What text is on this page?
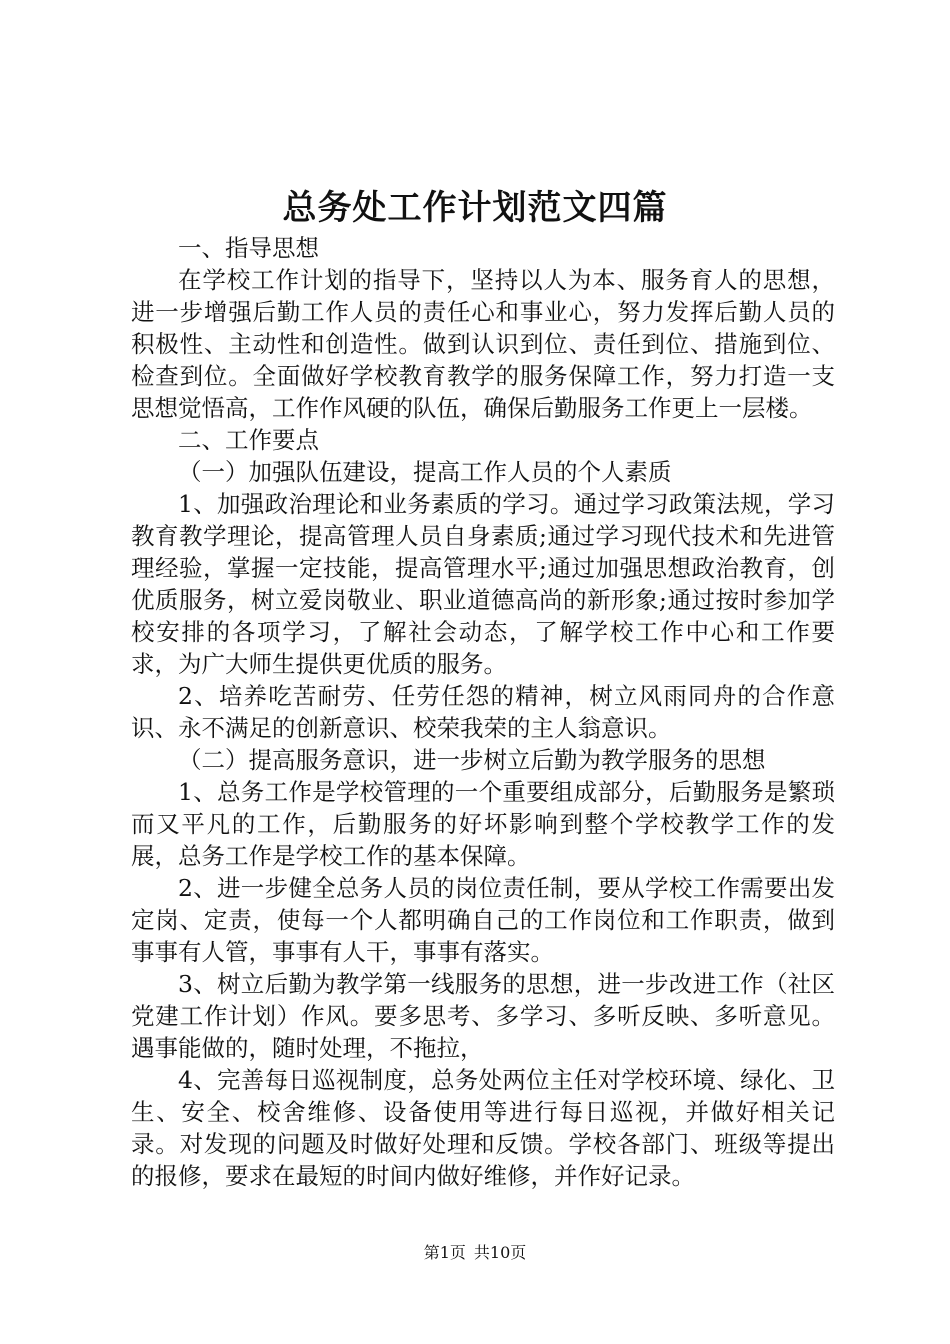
总务处工作计划范文四篇

一、指导思想

在学校工作计划的指导下，坚持以人为本、服务育人的思想，进一步增强后勤工作人员的责任心和事业心，努力发挥后勤人员的积极性、主动性和创造性。做到认识到位、责任到位、措施到位、检查到位。全面做好学校教育教学的服务保障工作，努力打造一支思想觉悟高，工作作风硬的队伍，确保后勤服务工作更上一层楼。

二、工作要点

（一）加强队伍建设，提高工作人员的个人素质

1、加强政治理论和业务素质的学习。通过学习政策法规，学习教育教学理论，提高管理人员自身素质;通过学习现代技术和先进管理经验，掌握一定技能，提高管理水平;通过加强思想政治教育，创优质服务，树立爱岗敬业、职业道德高尚的新形象;通过按时参加学校安排的各项学习，了解社会动态，了解学校工作中心和工作要求，为广大师生提供更优质的服务。

2、培养吃苦耐劳、任劳任怨的精神，树立风雨同舟的合作意识、永不满足的创新意识、校荣我荣的主人翁意识。

（二）提高服务意识，进一步树立后勤为教学服务的思想

1、总务工作是学校管理的一个重要组成部分，后勤服务是繁琐而又平凡的工作，后勤服务的好坏影响到整个学校教学工作的发展，总务工作是学校工作的基本保障。

2、进一步健全总务人员的岗位责任制，要从学校工作需要出发定岗、定责，使每一个人都明确自己的工作岗位和工作职责，做到事事有人管，事事有人干，事事有落实。

3、树立后勤为教学第一线服务的思想，进一步改进工作（社区党建工作计划）作风。要多思考、多学习、多听反映、多听意见。遇事能做的，随时处理，不拖拉，

4、完善每日巡视制度，总务处两位主任对学校环境、绿化、卫生、安全、校舍维修、设备使用等进行每日巡视，并做好相关记录。对发现的问题及时做好处理和反馈。学校各部门、班级等提出的报修，要求在最短的时间内做好维修，并作好记录。

第1页 共10页
